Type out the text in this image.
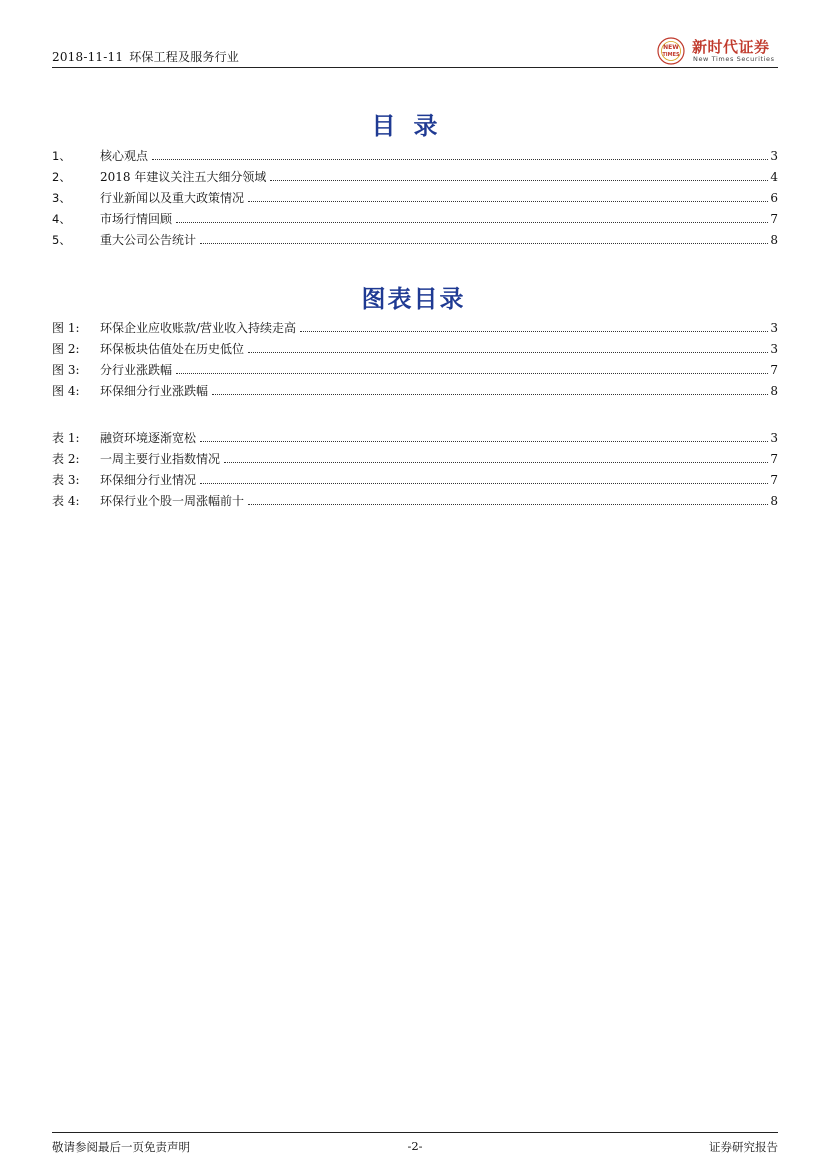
2018-11-11 环保工程及服务行业
NEW
TIMES 新时代证券
New Times Securities
目录
1、	核心观点	3
2、	2018 年建议关注五大细分领域	4
3、	行业新闻以及重大政策情况	6
4、	市场行情回顾	7
5、	重大公司公告统计	8
图表目录
图 1:	环保企业应收账款/营业收入持续走高	3
图 2:	环保板块估值处在历史低位	3
图 3:	分行业涨跌幅	7
图 4:	环保细分行业涨跌幅	8
表 1:	融资环境逐渐宽松	3
表 2:	一周主要行业指数情况	7
表 3:	环保细分行业情况	7
表 4:	环保行业个股一周涨幅前十	8
敬请参阅最后一页免责声明	-2-	证券研究报告
